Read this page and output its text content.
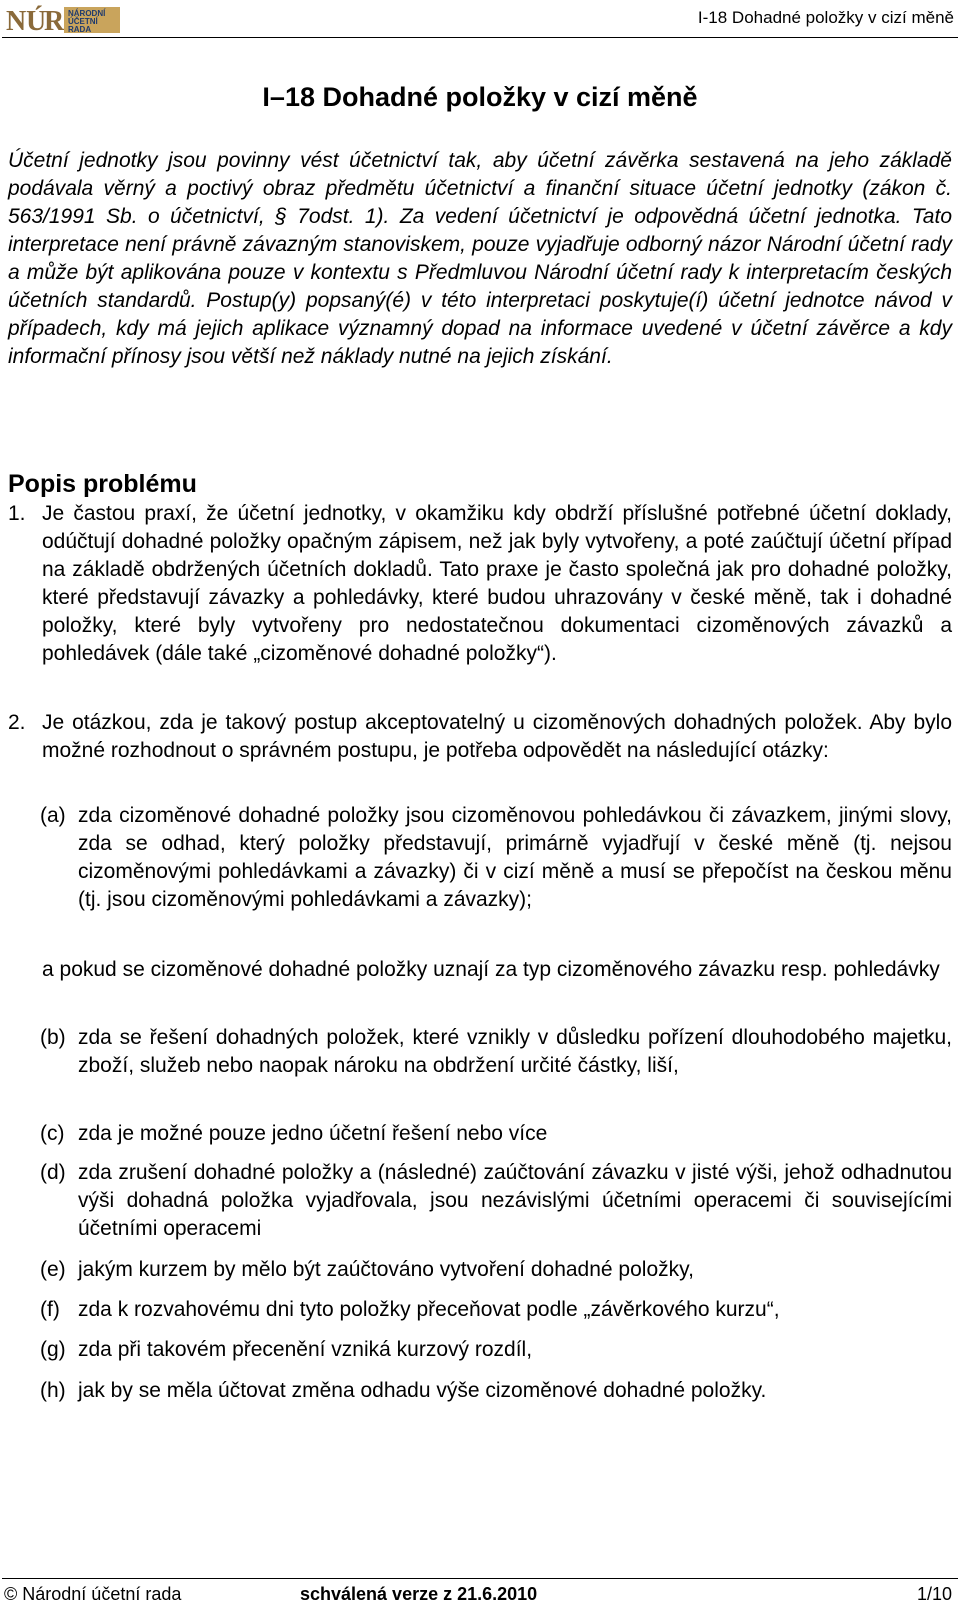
N Ú
R NÁRODNÍ
ÚČETNÍ
RADA
I-18 Dohadné položky v cizí měně
I–18 Dohadné položky v cizí měně
Účetní jednotky jsou povinny vést účetnictví tak, aby účetní závěrka sestavená na jeho základě podávala věrný a poctivý obraz předmětu účetnictví a finanční situace účetní jednotky (zákon č. 563/1991 Sb. o účetnictví, § 7odst. 1). Za vedení účetnictví je odpovědná účetní jednotka. Tato interpretace není právně závazným stanoviskem, pouze vyjadřuje odborný názor Národní účetní rady a může být aplikována pouze v kontextu s Předmluvou Národní účetní rady k interpretacím českých účetních standardů. Postup(y) popsaný(é) v této interpretaci poskytuje(í) účetní jednotce návod v případech, kdy má jejich aplikace významný dopad na informace uvedené v účetní závěrce a kdy informační přínosy jsou větší než náklady nutné na jejich získání.
Popis problému
1. Je častou praxí, že účetní jednotky, v okamžiku kdy obdrží příslušné potřebné účetní doklady, odúčtují dohadné položky opačným zápisem, než jak byly vytvořeny, a poté zaúčtují účetní případ na základě obdržených účetních dokladů. Tato praxe je často společná jak pro dohadné položky, které představují závazky a pohledávky, které budou uhrazovány v české měně, tak i dohadné položky, které byly vytvořeny pro nedostatečnou dokumentaci cizoměnových závazků a pohledávek (dále také „cizoměnové dohadné položky“).
2. Je otázkou, zda je takový postup akceptovatelný u cizoměnových dohadných položek. Aby bylo možné rozhodnout o správném postupu, je potřeba odpovědět na následující otázky:
(a) zda cizoměnové dohadné položky jsou cizoměnovou pohledávkou či závazkem, jinými slovy, zda se odhad, který položky představují, primárně vyjadřují v české měně (tj. nejsou cizoměnovými pohledávkami a závazky) či v cizí měně a musí se přepočíst na českou měnu (tj. jsou cizoměnovými pohledávkami a závazky);
a pokud se cizoměnové dohadné položky uznají za typ cizoměnového závazku resp. pohledávky
(b) zda se řešení dohadných položek, které vznikly v důsledku pořízení dlouhodobého majetku, zboží, služeb nebo naopak nároku na obdržení určité částky, liší,
(c) zda je možné pouze jedno účetní řešení nebo více
(d) zda zrušení dohadné položky a (následné) zaúčtování závazku v jisté výši, jehož odhadnutou výši dohadná položka vyjadřovala, jsou nezávislými účetními operacemi či souvisejícími účetními operacemi
(e) jakým kurzem by mělo být zaúčtováno vytvoření dohadné položky,
(f) zda k rozvahovému dni tyto položky přeceňovat podle „závěrkového kurzu“,
(g) zda při takovém přecenění vzniká kurzový rozdíl,
(h) jak by se měla účtovat změna odhadu výše cizoměnové dohadné položky.
© Národní účetní rada	schválená verze z 21.6.2010	1/10
